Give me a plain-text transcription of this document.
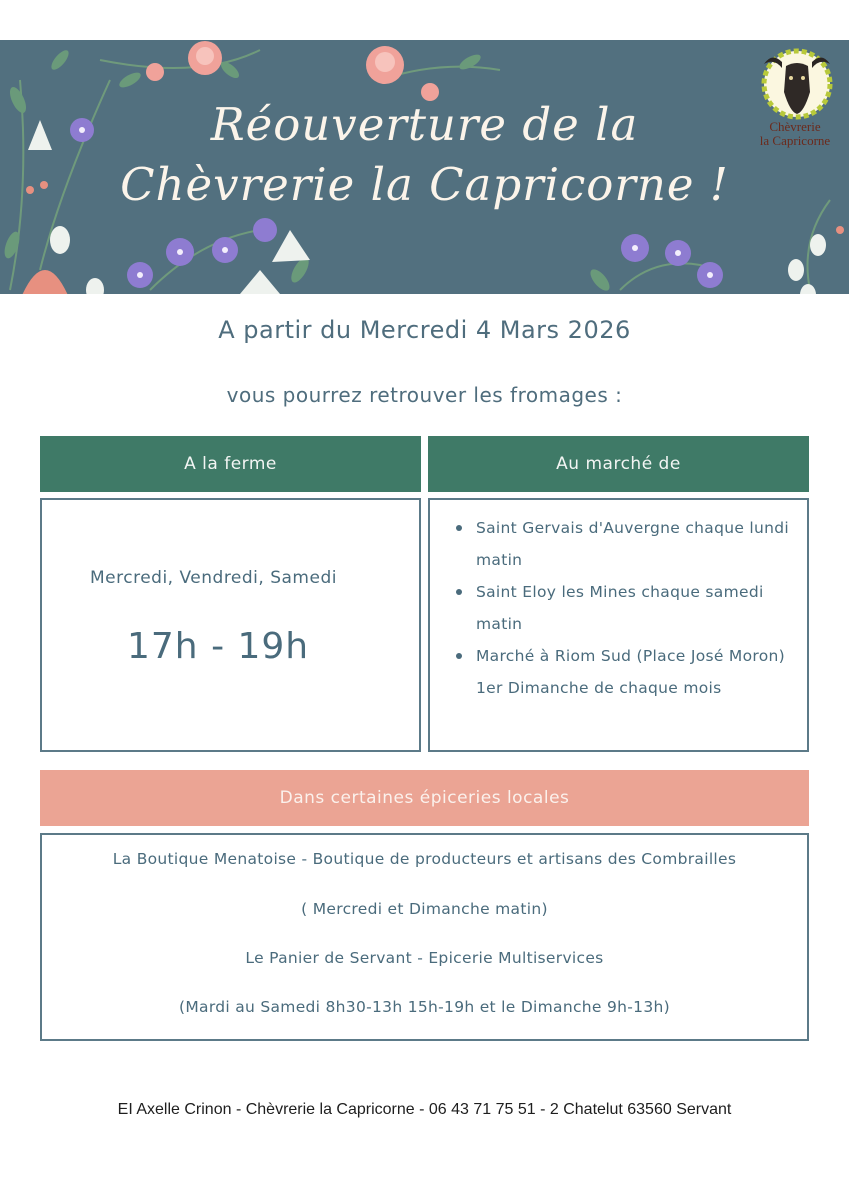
Réouverture de la
Chèvrerie la Capricorne !
Chèvrerie
la Capricorne
A partir du Mercredi 4 Mars 2026
vous pourrez retrouver les fromages :
A la ferme	Au marché de
Mercredi, Vendredi, Samedi
17h - 19h
Saint Gervais d'Auvergne chaque lundi matin
Saint Eloy les Mines chaque samedi matin
Marché à Riom Sud (Place José Moron) 1er Dimanche de chaque mois
Dans certaines épiceries locales
La Boutique Menatoise - Boutique de producteurs et artisans des Combrailles
( Mercredi et Dimanche matin)
Le Panier de Servant - Epicerie Multiservices
(Mardi au Samedi 8h30-13h 15h-19h et le Dimanche 9h-13h)
EI Axelle Crinon - Chèvrerie la Capricorne - 06 43 71 75 51 - 2 Chatelut 63560 Servant
